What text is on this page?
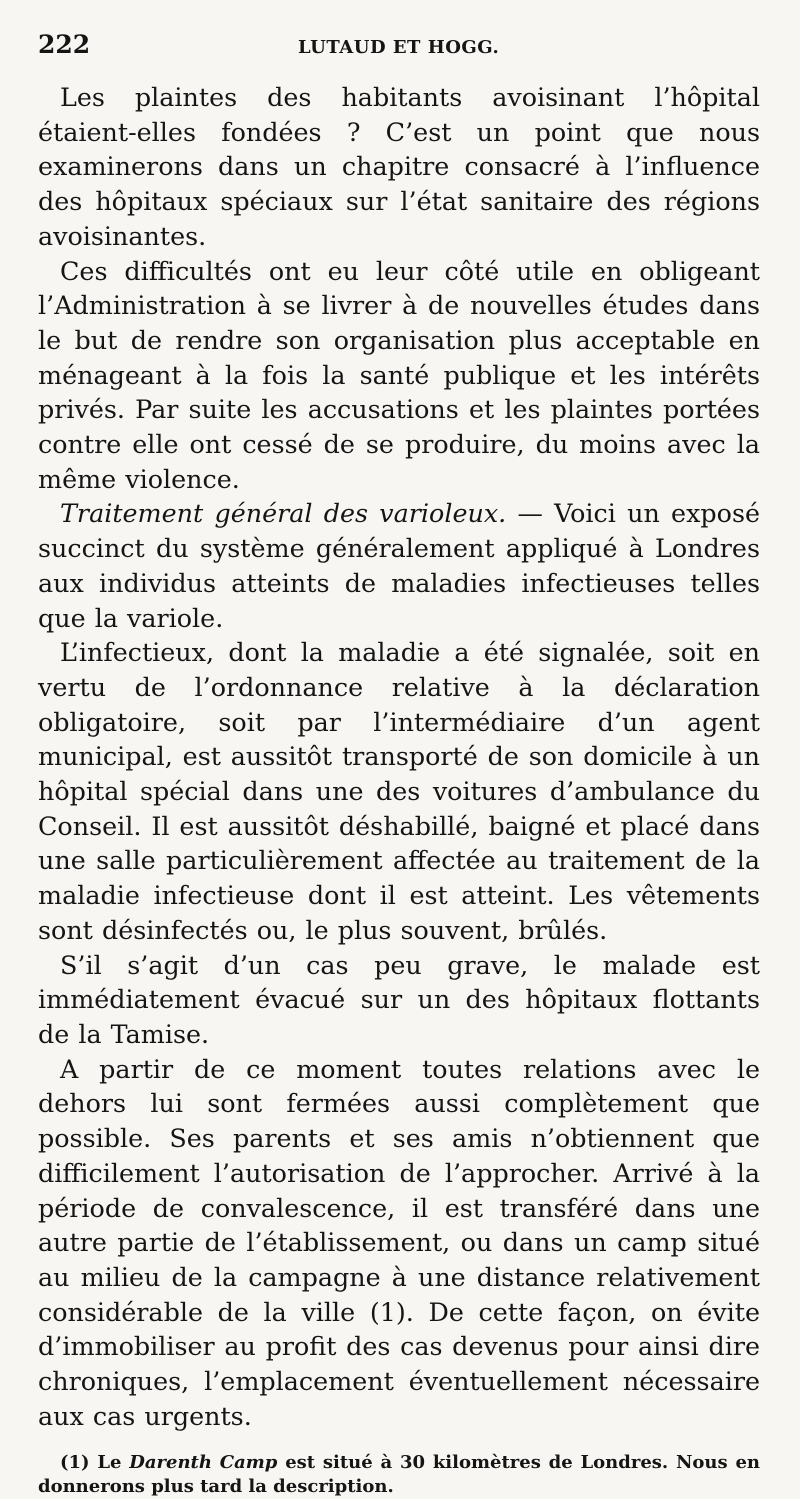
222	LUTAUD ET HOGG.

Les plaintes des habitants avoisinant l’hôpital étaient-elles fondées ? C’est un point que nous examinerons dans un chapitre consacré à l’influence des hôpitaux spéciaux sur l’état sanitaire des régions avoisinantes.

Ces difficultés ont eu leur côté utile en obligeant l’Administration à se livrer à de nouvelles études dans le but de rendre son organisation plus acceptable en ménageant à la fois la santé publique et les intérêts privés. Par suite les accusations et les plaintes portées contre elle ont cessé de se produire, du moins avec la même violence.

Traitement général des varioleux. — Voici un exposé succinct du système généralement appliqué à Londres aux individus atteints de maladies infectieuses telles que la variole.

L’infectieux, dont la maladie a été signalée, soit en vertu de l’ordonnance relative à la déclaration obligatoire, soit par l’intermédiaire d’un agent municipal, est aussitôt transporté de son domicile à un hôpital spécial dans une des voitures d’ambulance du Conseil. Il est aussitôt déshabillé, baigné et placé dans une salle particulièrement affectée au traitement de la maladie infectieuse dont il est atteint. Les vêtements sont désinfectés ou, le plus souvent, brûlés.

S’il s’agit d’un cas peu grave, le malade est immédiatement évacué sur un des hôpitaux flottants de la Tamise.

A partir de ce moment toutes relations avec le dehors lui sont fermées aussi complètement que possible. Ses parents et ses amis n’obtiennent que difficilement l’autorisation de l’approcher. Arrivé à la période de convalescence, il est transféré dans une autre partie de l’établissement, ou dans un camp situé au milieu de la campagne à une distance relativement considérable de la ville (1). De cette façon, on évite d’immobiliser au profit des cas devenus pour ainsi dire chroniques, l’emplacement éventuellement nécessaire aux cas urgents.

(1) Le Darenth Camp est situé à 30 kilomètres de Londres. Nous en donnerons plus tard la description.
